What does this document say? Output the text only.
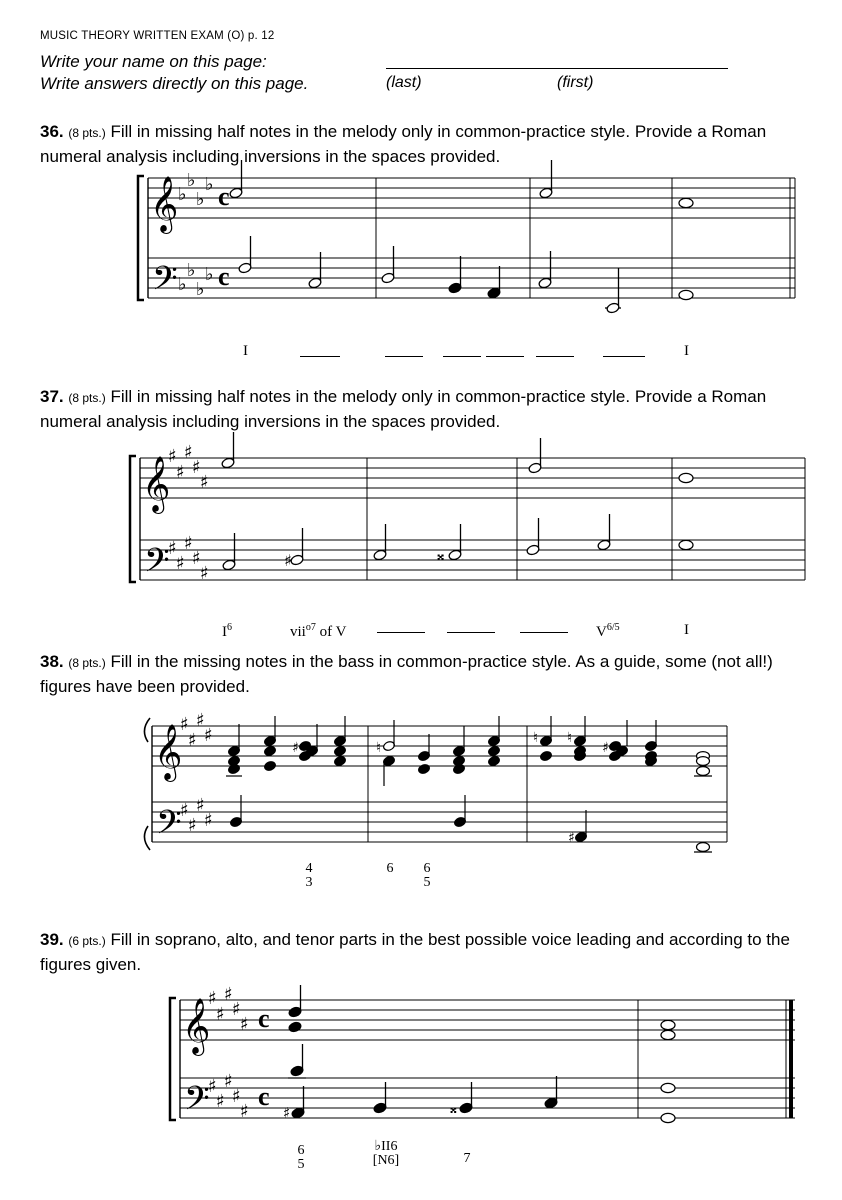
MUSIC THEORY WRITTEN EXAM (O) p. 12
Write your name on this page:
Write answers directly on this page.	(last)	(first)
36. (8 pts.) Fill in missing half notes in the melody only in common-practice style. Provide a Roman numeral analysis including inversions in the spaces provided.
𝄞
𝄢
𝄞
𝄢
𝄞
𝄢
𝄞
𝄢
♭
♭
♭
♭
♭
♭
♭
♭
♯
♯
♯
♯
♯
♯
♯
♯
♯
♯
♯
♯
♯
♯
♯
♯
♯
♯
♯
♯
♯
♯
♯
♯
♯
♯
♯
♯
c
c
c
c
♯	𝄪
♯	♮
♮ ♮
♯
♯
♯	𝄪
I	I
37. (8 pts.) Fill in missing half notes in the melody only in common-practice style. Provide a Roman numeral analysis including inversions in the spaces provided.
$I^6$	vii$^{o7}$ of V	$V^{6/5}$	I
38. (8 pts.) Fill in the missing notes in the bass in common-practice style. As a guide, some (not all!) figures have been provided.
4
3
6 6
5
39. (6 pts.) Fill in soprano, alto, and tenor parts in the best possible voice leading and according to the figures given.
6
5
♭II6
[N6]	7
